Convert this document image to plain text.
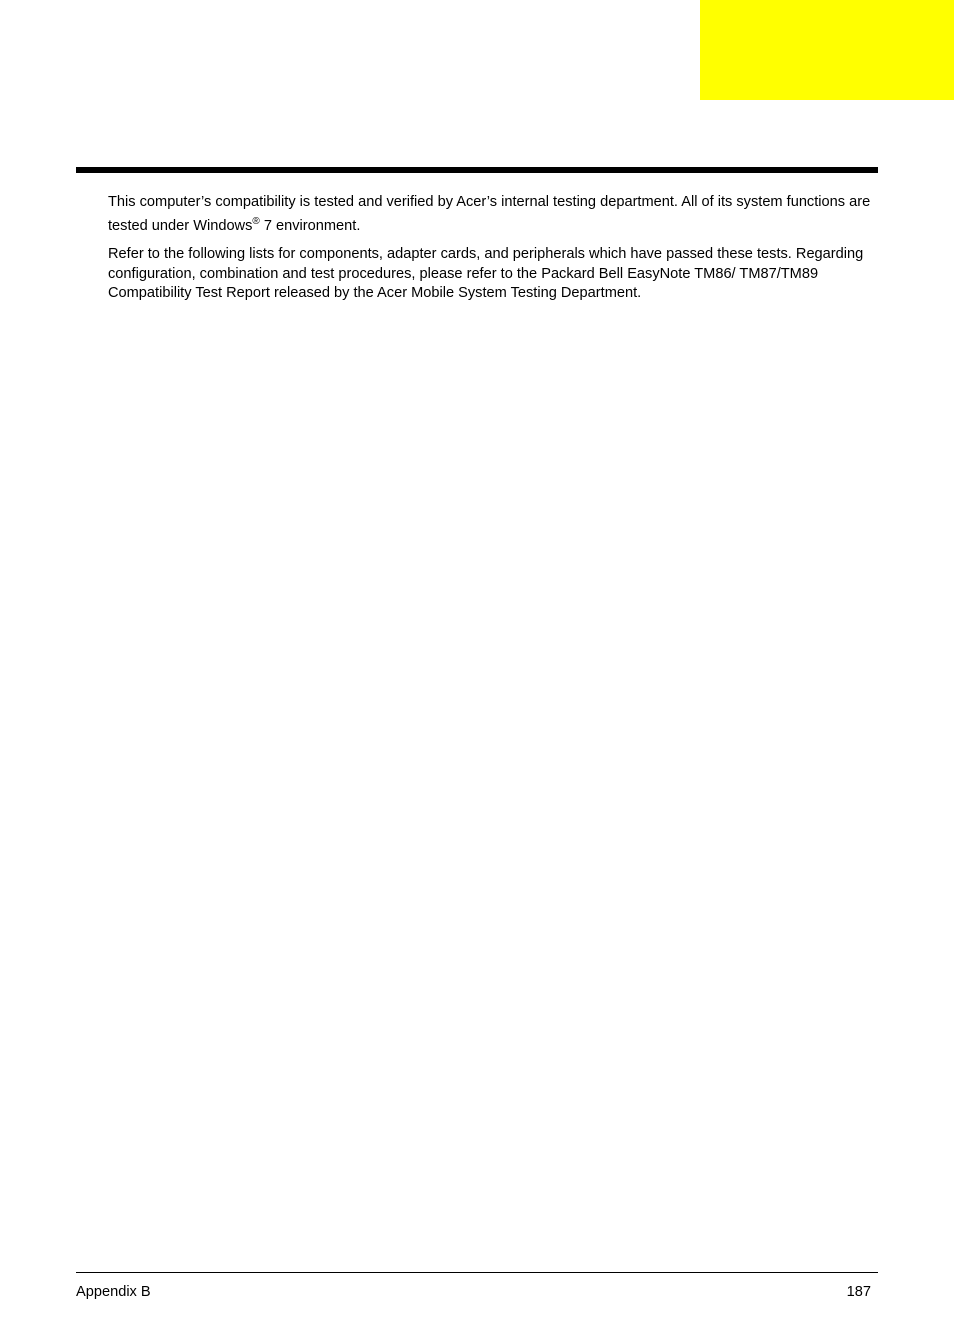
This computer’s compatibility is tested and verified by Acer’s internal testing department. All of its system functions are tested under Windows® 7 environment.

Refer to the following lists for components, adapter cards, and peripherals which have passed these tests. Regarding configuration, combination and test procedures, please refer to the Packard Bell EasyNote TM86/ TM87/TM89 Compatibility Test Report released by the Acer Mobile System Testing Department.

Appendix B	187
